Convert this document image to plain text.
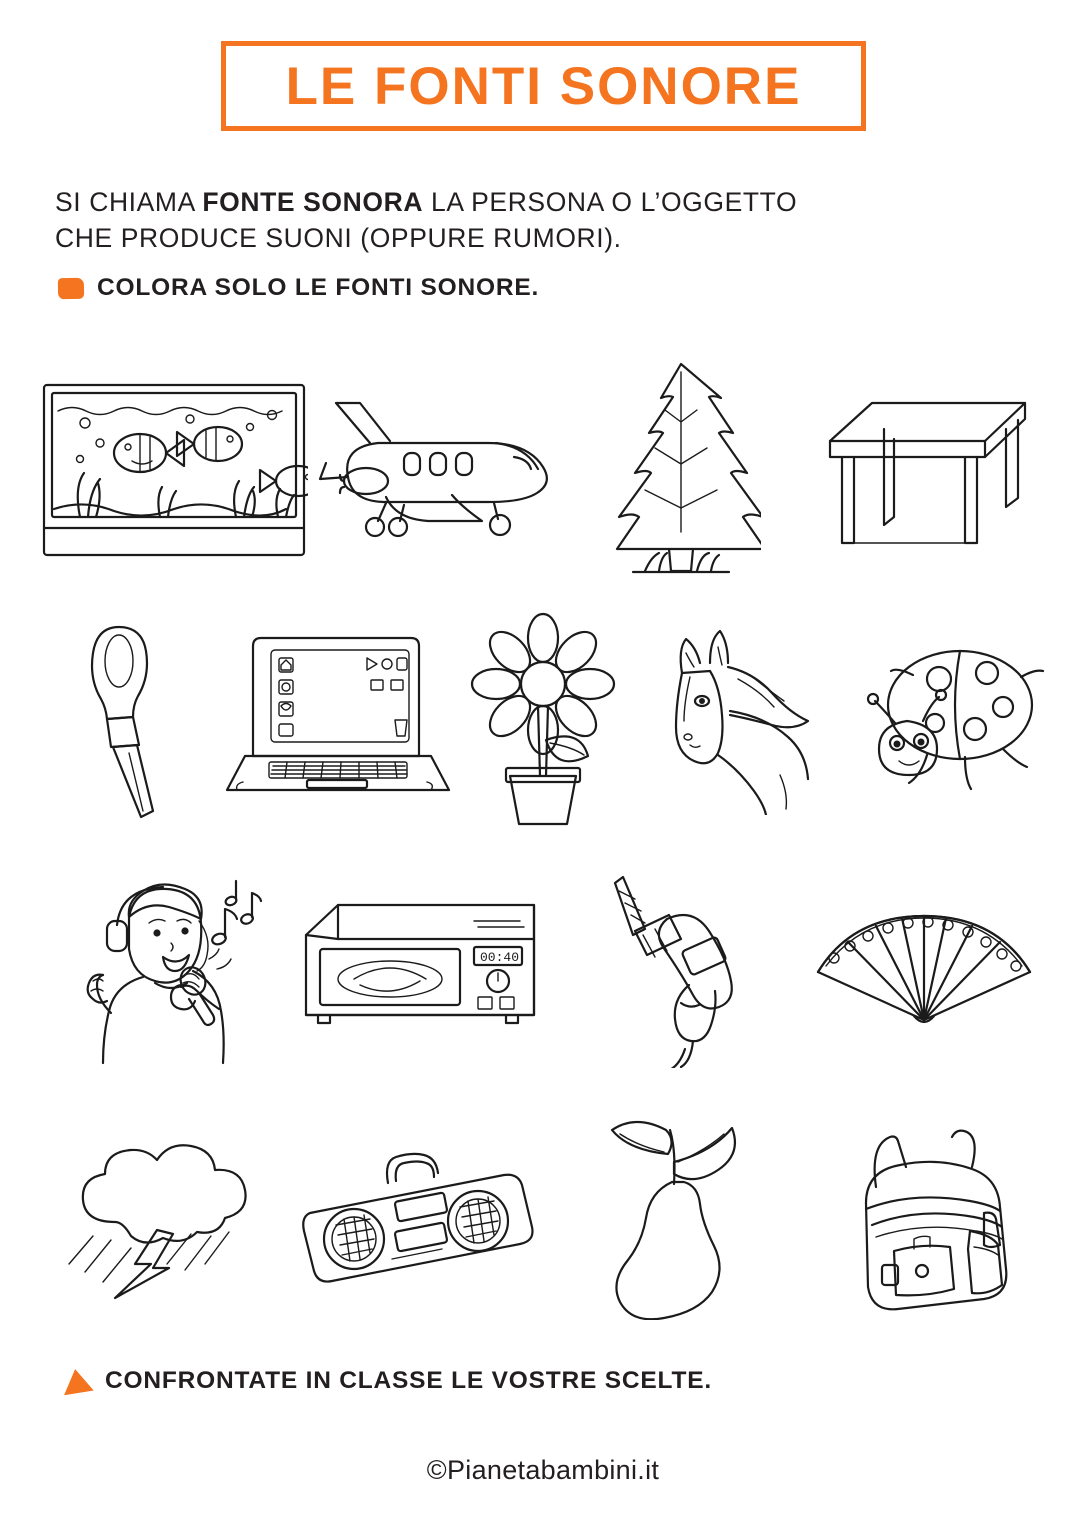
LE FONTI SONORE
SI CHIAMA FONTE SONORA LA PERSONA O L’OGGETTO
CHE PRODUCE SUONI (OPPURE RUMORI).
COLORA SOLO LE FONTI SONORE.
00:40
CONFRONTATE IN CLASSE LE VOSTRE SCELTE.
©Pianetabambini.it
